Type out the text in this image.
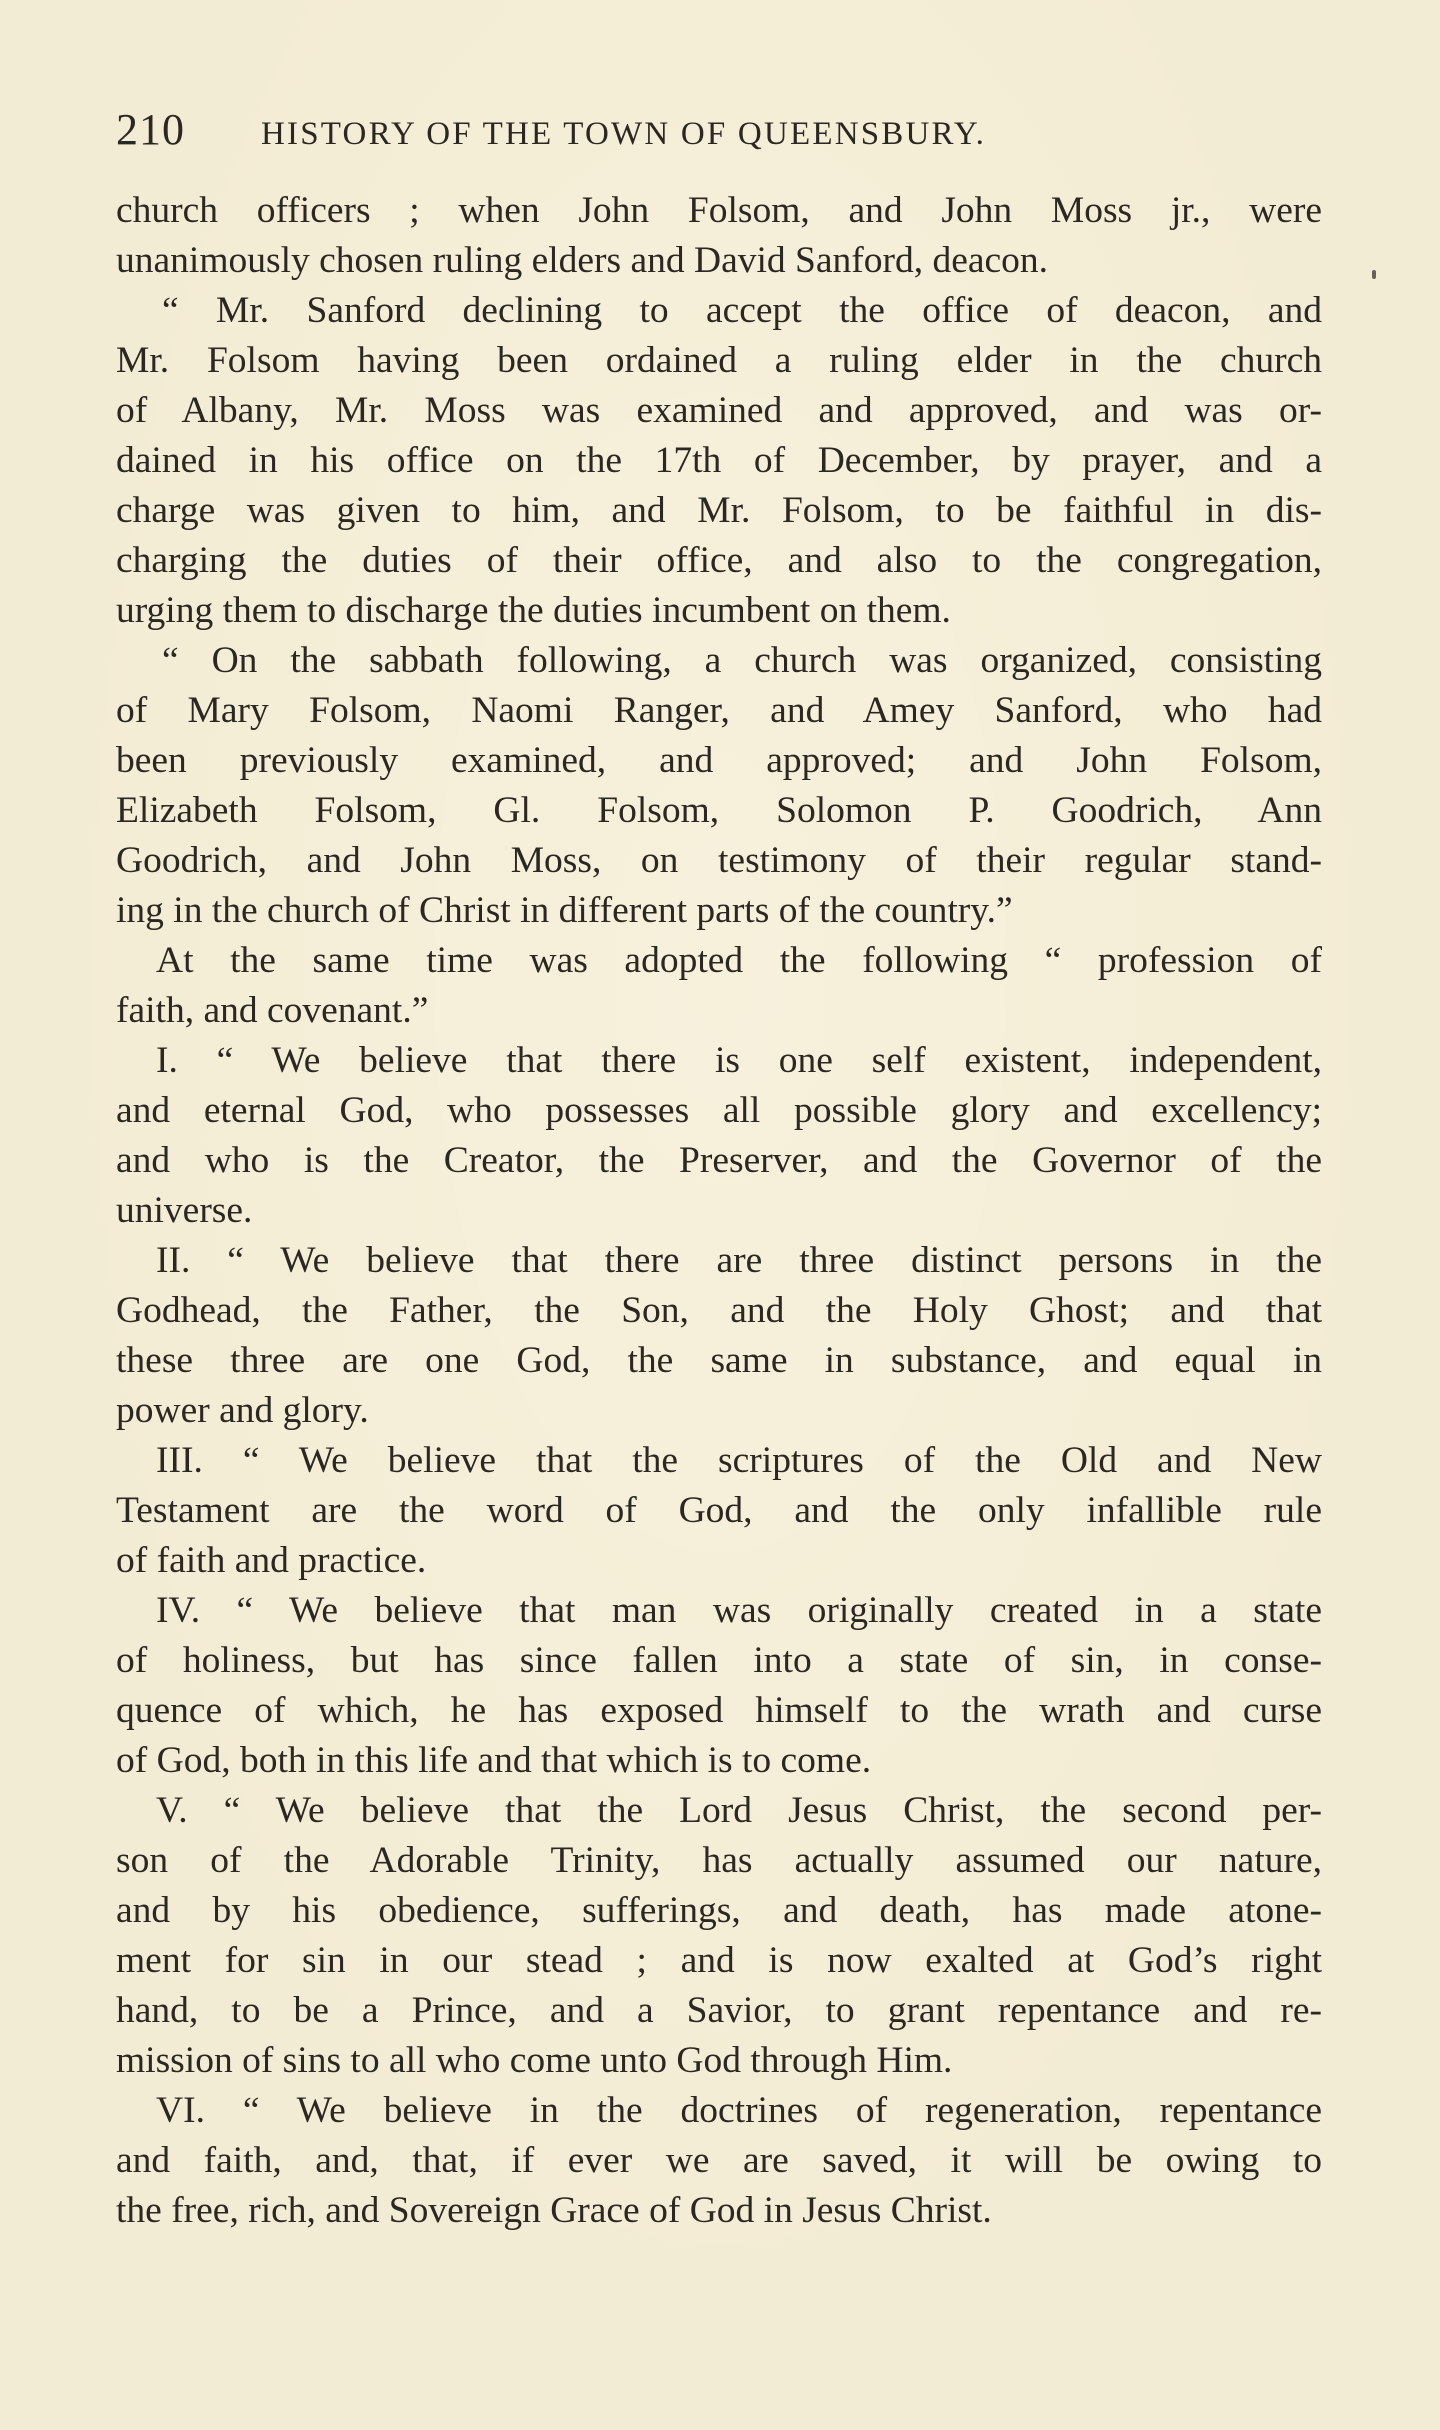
210 HISTORY OF THE TOWN OF QUEENSBURY.
church officers ; when John Folsom, and John Moss jr., were
unanimously chosen ruling elders and David Sanford, deacon.
“ Mr. Sanford declining to accept the office of deacon, and
Mr. Folsom having been ordained a ruling elder in the church
of Albany, Mr. Moss was examined and approved, and was or-
dained in his office on the 17th of December, by prayer, and a
charge was given to him, and Mr. Folsom, to be faithful in dis-
charging the duties of their office, and also to the congregation,
urging them to discharge the duties incumbent on them.
“ On the sabbath following, a church was organized, consisting
of Mary Folsom, Naomi Ranger, and Amey Sanford, who had
been previously examined, and approved; and John Folsom,
Elizabeth Folsom, Gl. Folsom, Solomon P. Goodrich, Ann
Goodrich, and John Moss, on testimony of their regular stand-
ing in the church of Christ in different parts of the country.”
At the same time was adopted the following “ profession of
faith, and covenant.”
I. “ We believe that there is one self existent, independent,
and eternal God, who possesses all possible glory and excellency;
and who is the Creator, the Preserver, and the Governor of the
universe.
II. “ We believe that there are three distinct persons in the
Godhead, the Father, the Son, and the Holy Ghost; and that
these three are one God, the same in substance, and equal in
power and glory.
III. “ We believe that the scriptures of the Old and New
Testament are the word of God, and the only infallible rule
of faith and practice.
IV. “ We believe that man was originally created in a state
of holiness, but has since fallen into a state of sin, in conse-
quence of which, he has exposed himself to the wrath and curse
of God, both in this life and that which is to come.
V. “ We believe that the Lord Jesus Christ, the second per-
son of the Adorable Trinity, has actually assumed our nature,
and by his obedience, sufferings, and death, has made atone-
ment for sin in our stead ; and is now exalted at God’s right
hand, to be a Prince, and a Savior, to grant repentance and re-
mission of sins to all who come unto God through Him.
VI. “ We believe in the doctrines of regeneration, repentance
and faith, and, that, if ever we are saved, it will be owing to
the free, rich, and Sovereign Grace of God in Jesus Christ.
